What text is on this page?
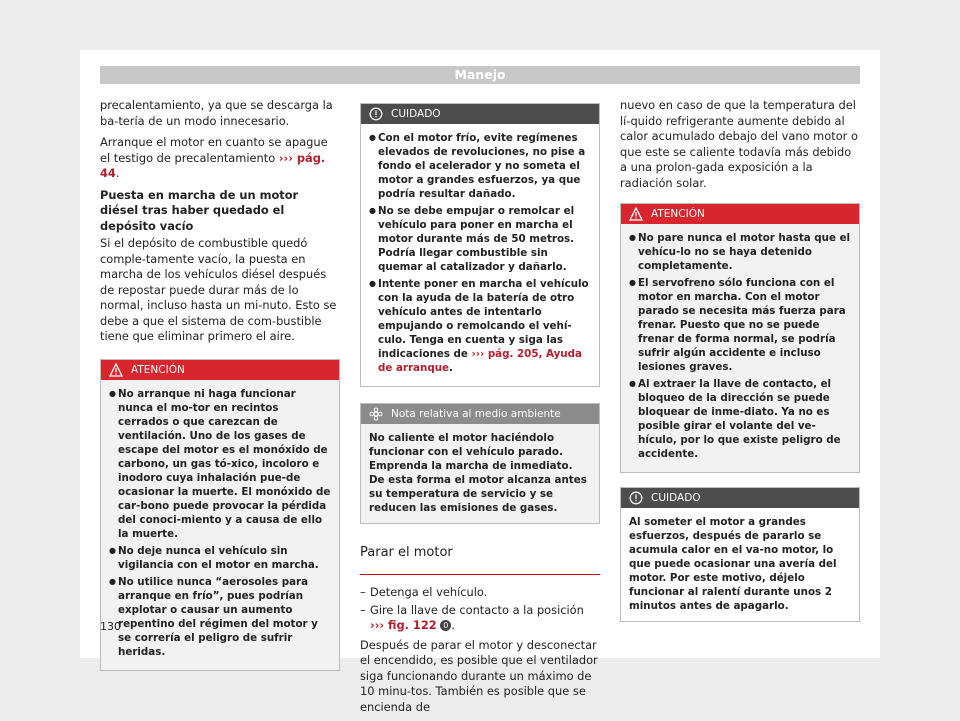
Manejo

precalentamiento, ya que se descarga la ba-tería de un modo innecesario.

Arranque el motor en cuanto se apague el testigo de precalentamiento ››› pág. 44.

Puesta en marcha de un motor diésel tras haber quedado el depósito vacío

Si el depósito de combustible quedó comple-tamente vacío, la puesta en marcha de los vehículos diésel después de repostar puede durar más de lo normal, incluso hasta un mi-nuto. Esto se debe a que el sistema de com-bustible tiene que eliminar primero el aire.

ATENCIÓN
● No arranque ni haga funcionar nunca el mo-tor en recintos cerrados o que carezcan de ventilación. Uno de los gases de escape del motor es el monóxido de carbono, un gas tó-xico, incoloro e inodoro cuya inhalación pue-de ocasionar la muerte. El monóxido de car-bono puede provocar la pérdida del conoci-miento y a causa de ello la muerte.
● No deje nunca el vehículo sin vigilancia con el motor en marcha.
● No utilice nunca “aerosoles para arranque en frío”, pues podrían explotar o causar un aumento repentino del régimen del motor y se correría el peligro de sufrir heridas.
CUIDADO
● Con el motor frío, evite regímenes elevados de revoluciones, no pise a fondo el acelerador y no someta el motor a grandes esfuerzos, ya que podría resultar dañado.
● No se debe empujar o remolcar el vehículo para poner en marcha el motor durante más de 50 metros. Podría llegar combustible sin quemar al catalizador y dañarlo.
● Intente poner en marcha el vehículo con la ayuda de la batería de otro vehículo antes de intentarlo empujando o remolcando el vehí-culo. Tenga en cuenta y siga las indicaciones de ››› pág. 205, Ayuda de arranque.
Nota relativa al medio ambiente
No caliente el motor haciéndolo funcionar con el vehículo parado. Emprenda la marcha de inmediato. De esta forma el motor alcanza antes su temperatura de servicio y se reducen las emisiones de gases.
Parar el motor
– Detenga el vehículo.
– Gire la llave de contacto a la posición
››› fig. 122 0 .

Después de parar el motor y desconectar el encendido, es posible que el ventilador siga funcionando durante un máximo de 10 minu-tos. También es posible que se encienda de

nuevo en caso de que la temperatura del lí-quido refrigerante aumente debido al calor acumulado debajo del vano motor o que este se caliente todavía más debido a una prolon-gada exposición a la radiación solar.

ATENCIÓN
● No pare nunca el motor hasta que el vehícu-lo no se haya detenido completamente.
● El servofreno sólo funciona con el motor en marcha. Con el motor parado se necesita más fuerza para frenar. Puesto que no se puede frenar de forma normal, se podría sufrir algún accidente e incluso lesiones graves.
● Al extraer la llave de contacto, el bloqueo de la dirección se puede bloquear de inme-diato. Ya no es posible girar el volante del ve-hículo, por lo que existe peligro de accidente.
CUIDADO
Al someter el motor a grandes esfuerzos, después de pararlo se acumula calor en el va-no motor, lo que puede ocasionar una avería del motor. Por este motivo, déjelo funcionar al ralentí durante unos 2 minutos antes de apagarlo.
130
